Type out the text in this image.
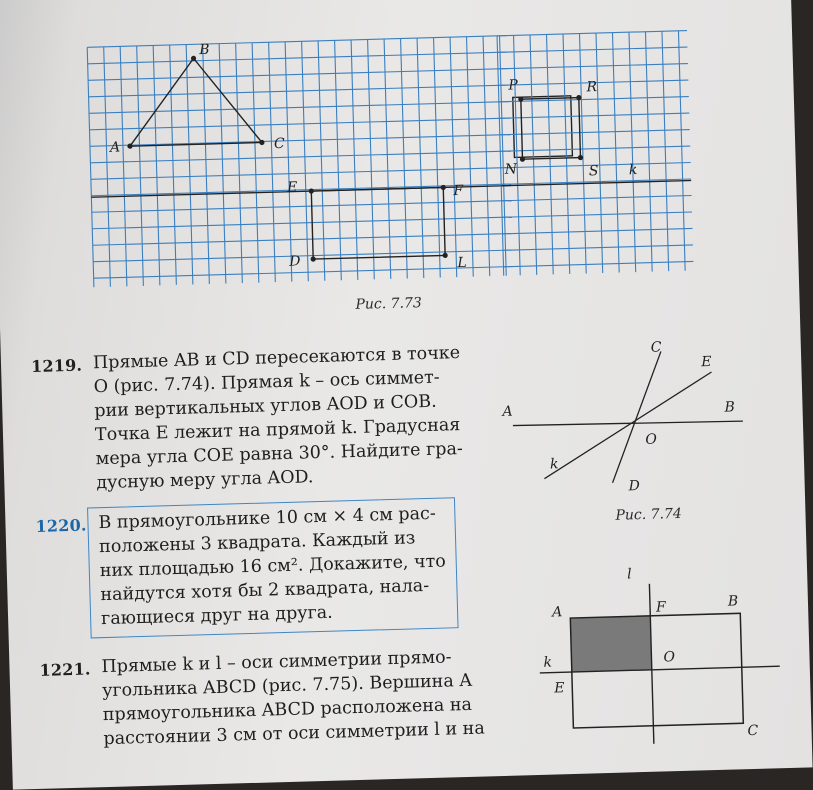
A
B
C
E	F
D	L
P	R
N	S k
Рис. 7.73
1219. Прямые AB и CD пересекаются в точке
O (рис. 7.74). Прямая k – ось симмет-
рии вертикальных углов AOD и COB.
Точка E лежит на прямой k. Градусная
мера угла COE равна 30°. Найдите гра-
дусную меру угла AOD.
C
E
A	B
O
k
D
Рис. 7.74
1220. В прямоугольнике 10 см × 4 см рас-
положены 3 квадрата. Каждый из
них площадью 16 см². Докажите, что
найдутся хотя бы 2 квадрата, нала-
гающиеся друг на друга.
1221. Прямые k и l – оси симметрии прямо-
угольника ABCD (рис. 7.75). Вершина A
прямоугольника ABCD расположена на
расстоянии 3 см от оси симметрии l и на
l
A	F	B
k	O
E
C
